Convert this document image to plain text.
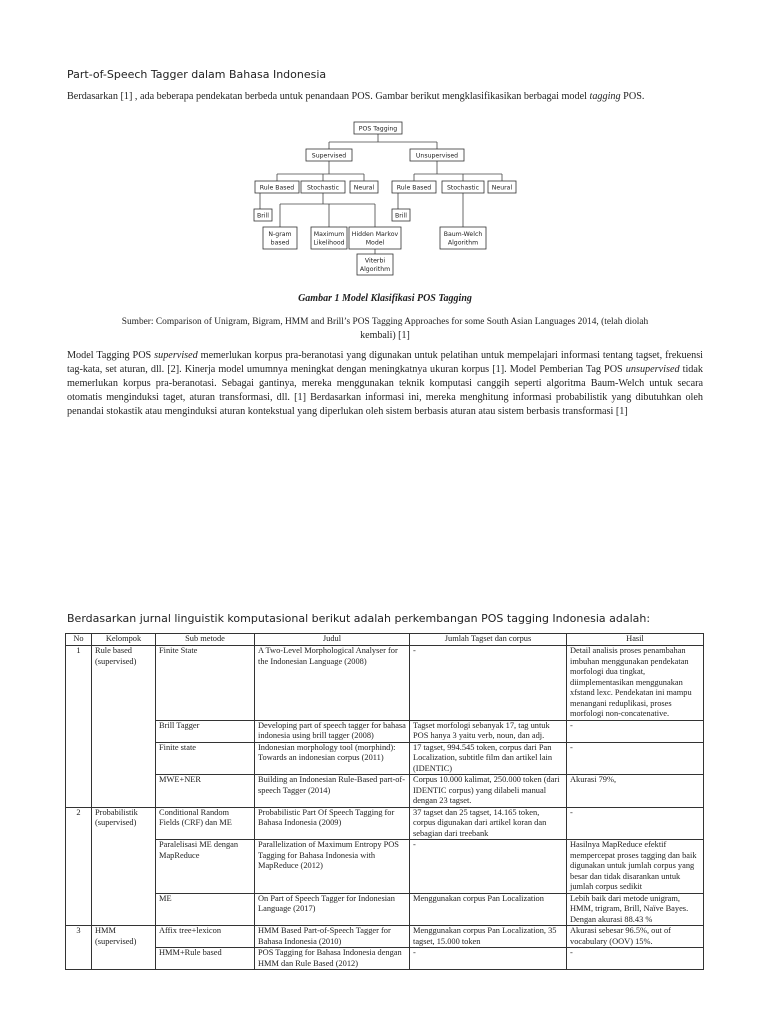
Part-of-Speech Tagger dalam Bahasa Indonesia
Berdasarkan [1] , ada beberapa pendekatan berbeda untuk penandaan POS. Gambar berikut mengklasifikasikan berbagai model tagging POS.
POS Tagging
Supervised	Unsupervised
Rule Based Stochastic Neural	Rule Based	Stochastic Neural
Brill	Brill
N-gram
based
Maximum
Likelihood
Hidden Markov
Model
Baum-Welch
Algorithm
Viterbi
Algorithm
Gambar 1 Model Klasifikasi POS Tagging
Sumber: Comparison of Unigram, Bigram, HMM and Brill’s POS Tagging Approaches for some South Asian Languages 2014, (telah diolah
kembali) [1]
Model Tagging POS supervised memerlukan korpus pra-beranotasi yang digunakan untuk pelatihan untuk mempelajari informasi tentang tagset, frekuensi tag-kata, set aturan, dll. [2]. Kinerja model umumnya meningkat dengan meningkatnya ukuran korpus [1]. Model Pemberian Tag POS unsupervised tidak memerlukan korpus pra-beranotasi. Sebagai gantinya, mereka menggunakan teknik komputasi canggih seperti algoritma Baum-Welch untuk secara otomatis menginduksi taget, aturan transformasi, dll. [1] Berdasarkan informasi ini, mereka menghitung informasi probabilistik yang dibutuhkan oleh penandai stokastik atau menginduksi aturan kontekstual yang diperlukan oleh sistem berbasis aturan atau sistem berbasis transformasi [1]
Berdasarkan jurnal linguistik komputasional berikut adalah perkembangan POS tagging Indonesia adalah:
No	Kelompok	Sub metode	Judul	Jumlah Tagset dan corpus	Hasil
1	Rule based (supervised)	Finite State	A Two-Level Morphological Analyser for the Indonesian Language (2008)	-	Detail analisis proses penambahan imbuhan menggunakan pendekatan morfologi dua tingkat, diimplementasikan menggunakan xfstand lexc. Pendekatan ini mampu menangani reduplikasi, proses morfologi non-concatenative.
		Brill Tagger	Developing part of speech tagger for bahasa indonesia using brill tagger (2008)	Tagset morfologi sebanyak 17, tag untuk POS hanya 3 yaitu verb, noun, dan adj.	-
		Finite state	Indonesian morphology tool (morphind): Towards an indonesian corpus (2011)	17 tagset, 994.545 token, corpus dari Pan Localization, subtitle film dan artikel lain (IDENTIC)	-
		MWE+NER	Building an Indonesian Rule-Based part-of-speech Tagger (2014)	Corpus 10.000 kalimat, 250.000 token (dari IDENTIC corpus) yang dilabeli manual dengan 23 tagset.	Akurasi 79%,
2	Probabilistik (supervised)	Conditional Random Fields (CRF) dan ME	Probabilistic Part Of Speech Tagging for Bahasa Indonesia (2009)	37 tagset dan 25 tagset, 14.165 token, corpus digunakan dari artikel koran dan sebagian dari treebank	-
		Paralelisasi ME dengan MapReduce	Parallelization of Maximum Entropy POS Tagging for Bahasa Indonesia with MapReduce (2012)	-	Hasilnya MapReduce efektif mempercepat proses tagging dan baik digunakan untuk jumlah corpus yang besar dan tidak disarankan untuk jumlah corpus sedikit
		ME	On Part of Speech Tagger for Indonesian Language (2017)	Menggunakan corpus Pan Localization	Lebih baik dari metode unigram, HMM, trigram, Brill, Naïve Bayes. Dengan akurasi 88.43 %
3	HMM (supervised)	Affix tree+lexicon	HMM Based Part-of-Speech Tagger for Bahasa Indonesia (2010)	Menggunakan corpus Pan Localization, 35 tagset, 15.000 token	Akurasi sebesar 96.5%, out of vocabulary (OOV) 15%.
		HMM+Rule based	POS Tagging for Bahasa Indonesia dengan HMM dan Rule Based (2012)	-	-
